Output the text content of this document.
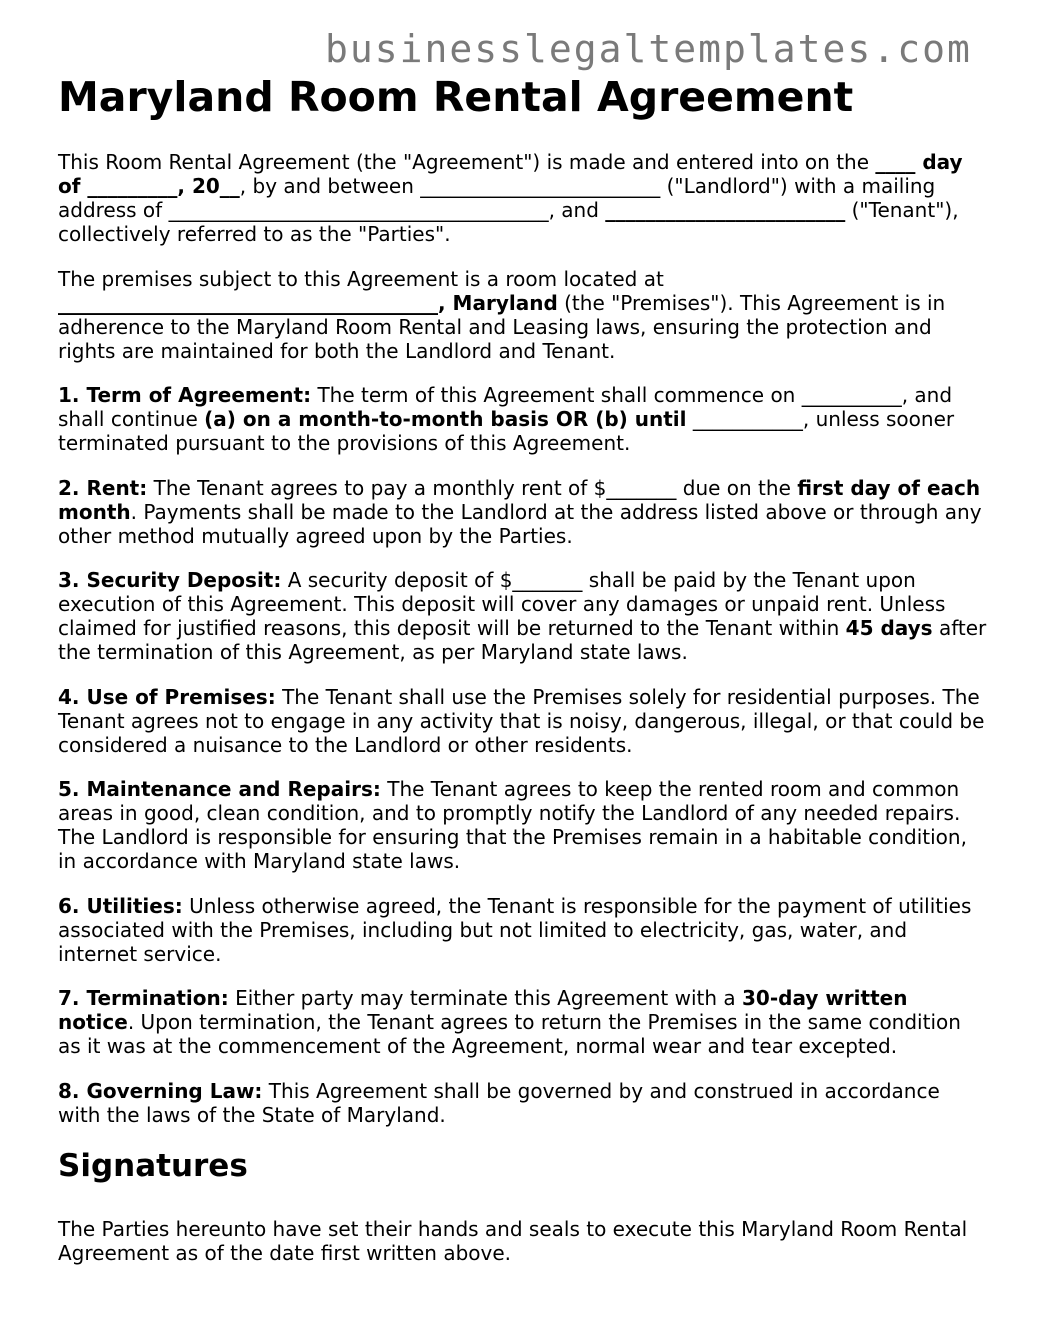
businesslegaltemplates.com
Maryland Room Rental Agreement

This Room Rental Agreement (the "Agreement") is made and entered into on the ____ day of _________, 20__, by and between ________________________ ("Landlord") with a mailing address of ______________________________________, and ________________________ ("Tenant"), collectively referred to as the "Parties".

The premises subject to this Agreement is a room located at ______________________________________, Maryland (the "Premises"). This Agreement is in adherence to the Maryland Room Rental and Leasing laws, ensuring the protection and rights are maintained for both the Landlord and Tenant.

1. Term of Agreement: The term of this Agreement shall commence on __________, and shall continue (a) on a month-to-month basis OR (b) until ___________, unless sooner terminated pursuant to the provisions of this Agreement.

2. Rent: The Tenant agrees to pay a monthly rent of $_______ due on the first day of each month. Payments shall be made to the Landlord at the address listed above or through any other method mutually agreed upon by the Parties.

3. Security Deposit: A security deposit of $_______ shall be paid by the Tenant upon execution of this Agreement. This deposit will cover any damages or unpaid rent. Unless claimed for justified reasons, this deposit will be returned to the Tenant within 45 days after the termination of this Agreement, as per Maryland state laws.

4. Use of Premises: The Tenant shall use the Premises solely for residential purposes. The Tenant agrees not to engage in any activity that is noisy, dangerous, illegal, or that could be considered a nuisance to the Landlord or other residents.

5. Maintenance and Repairs: The Tenant agrees to keep the rented room and common areas in good, clean condition, and to promptly notify the Landlord of any needed repairs. The Landlord is responsible for ensuring that the Premises remain in a habitable condition, in accordance with Maryland state laws.

6. Utilities: Unless otherwise agreed, the Tenant is responsible for the payment of utilities associated with the Premises, including but not limited to electricity, gas, water, and internet service.

7. Termination: Either party may terminate this Agreement with a 30-day written notice. Upon termination, the Tenant agrees to return the Premises in the same condition as it was at the commencement of the Agreement, normal wear and tear excepted.

8. Governing Law: This Agreement shall be governed by and construed in accordance with the laws of the State of Maryland.

Signatures

The Parties hereunto have set their hands and seals to execute this Maryland Room Rental Agreement as of the date first written above.
